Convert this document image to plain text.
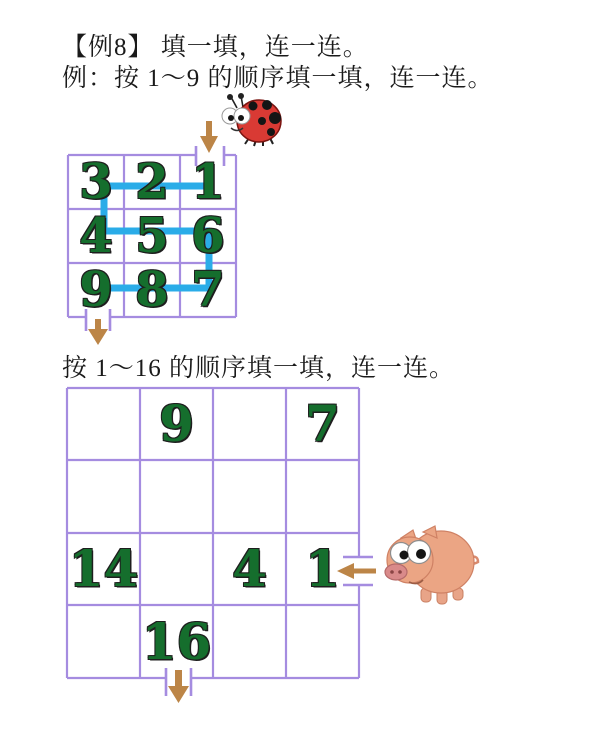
【例8】 填一填，连一连。
例：按 1～9 的顺序填一填，连一连。
按 1～16 的顺序填一填，连一连。
3 2 1
4 5 6
9 8 7
9	7
14	4 1
16
